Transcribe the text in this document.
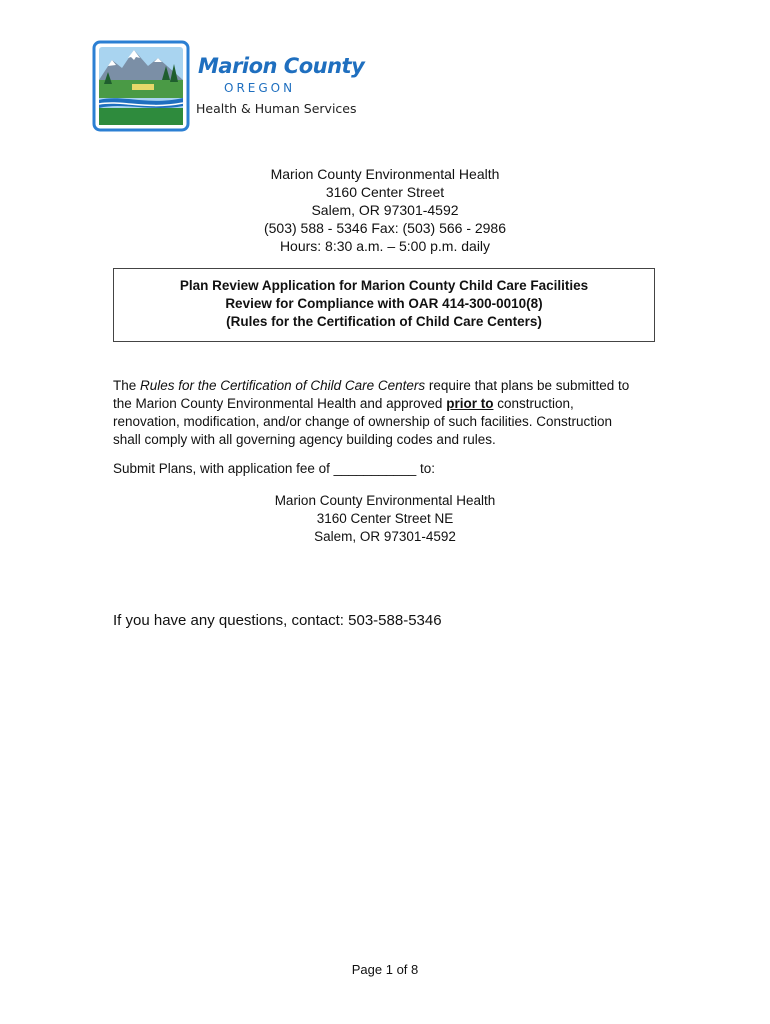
Marion County
OREGON
Health & Human Services
Marion County Environmental Health
3160 Center Street
Salem, OR 97301-4592
(503) 588 - 5346 Fax: (503) 566 - 2986
Hours: 8:30 a.m. – 5:00 p.m. daily
Plan Review Application for Marion County Child Care Facilities
Review for Compliance with OAR 414-300-0010(8)
(Rules for the Certification of Child Care Centers)
The Rules for the Certification of Child Care Centers require that plans be submitted to
the Marion County Environmental Health and approved prior to construction,
renovation, modification, and/or change of ownership of such facilities. Construction
shall comply with all governing agency building codes and rules.
Submit Plans, with application fee of ___________ to:
Marion County Environmental Health
3160 Center Street NE
Salem, OR 97301-4592
If you have any questions, contact: 503-588-5346
Page 1 of 8
